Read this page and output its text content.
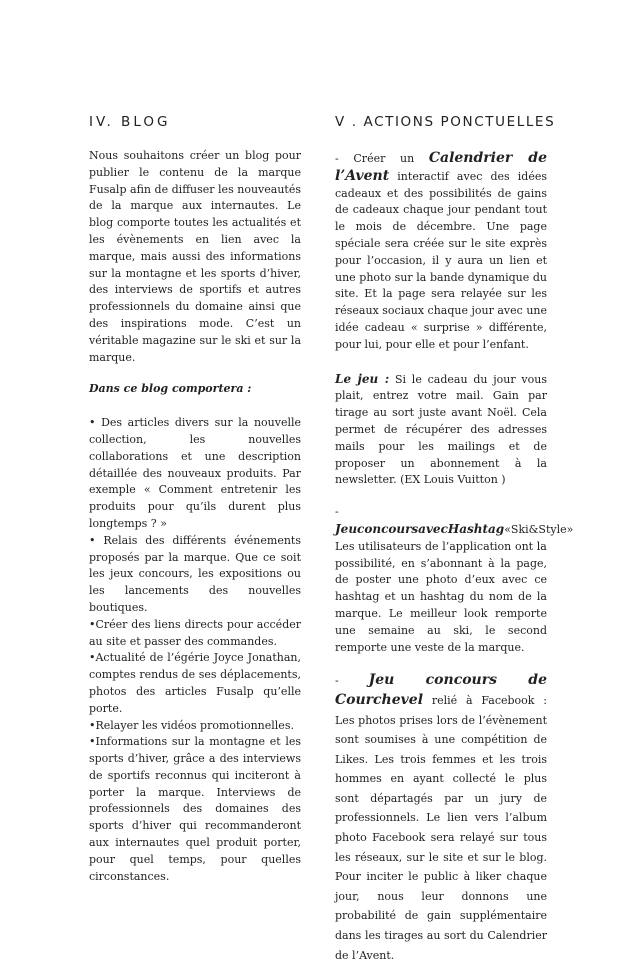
IV. BLOG

Nous souhaitons créer un blog pour publier le contenu de la marque Fusalp afin de diffuser les nouveautés de la marque aux internautes. Le blog comporte toutes les actualités et les évènements en lien avec la marque, mais aussi des informations sur la montagne et les sports d’hiver, des interviews de sportifs et autres professionnels du domaine ainsi que des inspirations mode. C’est un véritable magazine sur le ski et sur la marque.

Dans ce blog comportera :

• Des articles divers sur la nouvelle collection, les nouvelles collaborations et une description détaillée des nouveaux produits. Par exemple « Comment entretenir les produits pour qu’ils durent plus longtemps ? »

• Relais des différents événements proposés par la marque. Que ce soit les jeux concours, les expositions ou les lancements des nouvelles boutiques.

•Créer des liens directs pour accéder au site et passer des commandes.

•Actualité de l’égérie Joyce Jonathan, comptes rendus de ses déplacements, photos des articles Fusalp qu’elle porte.

•Relayer les vidéos promotionnelles.

•Informations sur la montagne et les sports d’hiver, grâce a des interviews de sportifs reconnus qui inciteront à porter la marque. Interviews de professionnels des domaines des sports d’hiver qui recommanderont aux internautes quel produit porter, pour quel temps, pour quelles circonstances.

V . ACTIONS PONCTUELLES

- Créer un Calendrier de l’Avent interactif avec des idées cadeaux et des possibilités de gains de cadeaux chaque jour pendant tout le mois de décembre. Une page spéciale sera créée sur le site exprès pour l’occasion, il y aura un lien et une photo sur la bande dynamique du site. Et la page sera relayée sur les réseaux sociaux chaque jour avec une idée cadeau « surprise » différente, pour lui, pour elle et pour l’enfant.

Le jeu : Si le cadeau du jour vous plait, entrez votre mail. Gain par tirage au sort juste avant Noël. Cela permet de récupérer des adresses mails pour les mailings et de proposer un abonnement à la newsletter. (EX Louis Vuitton )

-JeuconcoursavecHashtag«Ski&Style» Les utilisateurs de l’application ont la possibilité, en s’abonnant à la page, de poster une photo d’eux avec ce hashtag et un hashtag du nom de la marque. Le meilleur look remporte une semaine au ski, le second remporte une veste de la marque.

- Jeu concours de Courchevel relié à Facebook : Les photos prises lors de l’évènement sont soumises à une compétition de Likes. Les trois femmes et les trois hommes en ayant collecté le plus sont départagés par un jury de professionnels. Le lien vers l’album photo Facebook sera relayé sur tous les réseaux, sur le site et sur le blog. Pour inciter le public à liker chaque jour, nous leur donnons une probabilité de gain supplémentaire dans les tirages au sort du Calendrier de l’Avent.
